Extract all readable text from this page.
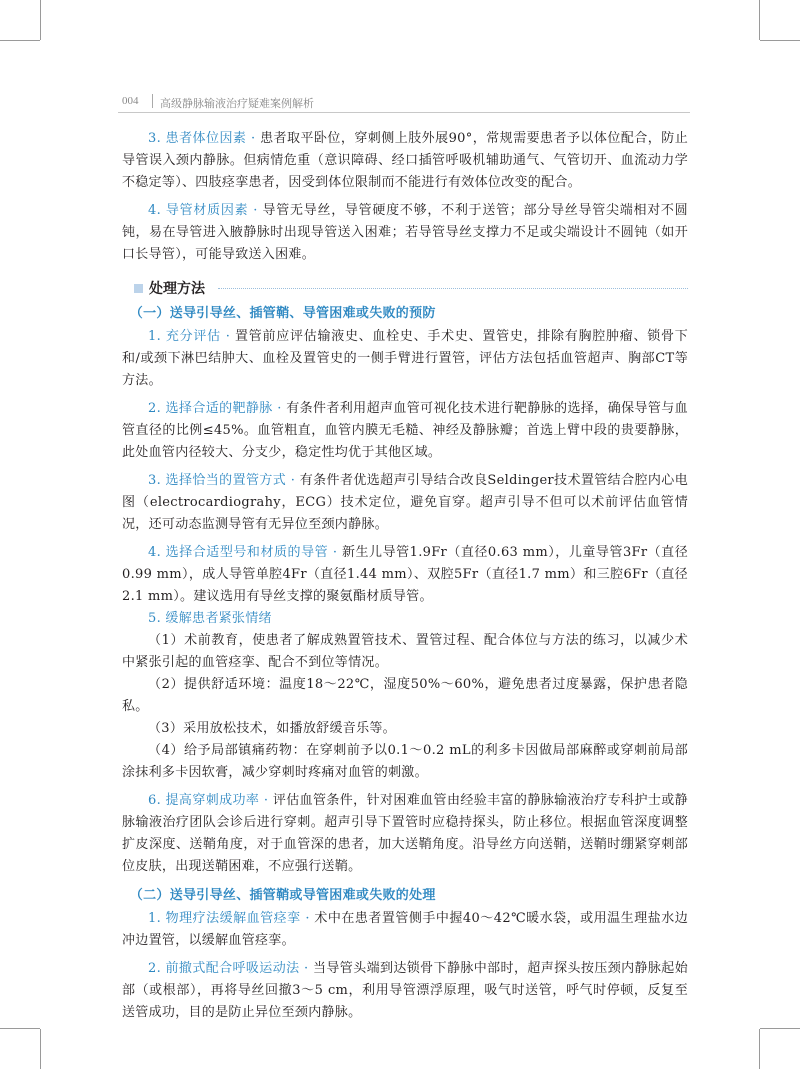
004 高级静脉输液治疗疑难案例解析

3. 患者体位因素 · 患者取平卧位，穿刺侧上肢外展90°，常规需要患者予以体位配合，防止导管误入颈内静脉。但病情危重（意识障碍、经口插管呼吸机辅助通气、气管切开、血流动力学不稳定等）、四肢痉挛患者，因受到体位限制而不能进行有效体位改变的配合。

4. 导管材质因素 · 导管无导丝，导管硬度不够，不利于送管；部分导丝导管尖端相对不圆钝，易在导管进入腋静脉时出现导管送入困难；若导管导丝支撑力不足或尖端设计不圆钝（如开口长导管），可能导致送入困难。

处理方法
（一）送导引导丝、插管鞘、导管困难或失败的预防

1. 充分评估 · 置管前应评估输液史、血栓史、手术史、置管史，排除有胸腔肿瘤、锁骨下和/或颈下淋巴结肿大、血栓及置管史的一侧手臂进行置管，评估方法包括血管超声、胸部CT等方法。

2. 选择合适的靶静脉 · 有条件者利用超声血管可视化技术进行靶静脉的选择，确保导管与血管直径的比例≤45%。血管粗直，血管内膜无毛糙、神经及静脉瓣；首选上臂中段的贵要静脉，此处血管内径较大、分支少，稳定性均优于其他区域。

3. 选择恰当的置管方式 · 有条件者优选超声引导结合改良Seldinger技术置管结合腔内心电图（electrocardiograhy，ECG）技术定位，避免盲穿。超声引导不但可以术前评估血管情况，还可动态监测导管有无异位至颈内静脉。

4. 选择合适型号和材质的导管 · 新生儿导管1.9Fr（直径0.63 mm），儿童导管3Fr（直径0.99 mm），成人导管单腔4Fr（直径1.44 mm）、双腔5Fr（直径1.7 mm）和三腔6Fr（直径2.1 mm）。建议选用有导丝支撑的聚氨酯材质导管。

5. 缓解患者紧张情绪

（1）术前教育，使患者了解成熟置管技术、置管过程、配合体位与方法的练习，以减少术中紧张引起的血管痉挛、配合不到位等情况。

（2）提供舒适环境：温度18～22℃，湿度50%～60%，避免患者过度暴露，保护患者隐私。

（3）采用放松技术，如播放舒缓音乐等。

（4）给予局部镇痛药物：在穿刺前予以0.1～0.2 mL的利多卡因做局部麻醉或穿刺前局部涂抹利多卡因软膏，减少穿刺时疼痛对血管的刺激。

6. 提高穿刺成功率 · 评估血管条件，针对困难血管由经验丰富的静脉输液治疗专科护士或静脉输液治疗团队会诊后进行穿刺。超声引导下置管时应稳持探头，防止移位。根据血管深度调整扩皮深度、送鞘角度，对于血管深的患者，加大送鞘角度。沿导丝方向送鞘，送鞘时绷紧穿刺部位皮肤，出现送鞘困难，不应强行送鞘。

（二）送导引导丝、插管鞘或导管困难或失败的处理

1. 物理疗法缓解血管痉挛 · 术中在患者置管侧手中握40～42℃暖水袋，或用温生理盐水边冲边置管，以缓解血管痉挛。

2. 前撤式配合呼吸运动法 · 当导管头端到达锁骨下静脉中部时，超声探头按压颈内静脉起始部（或根部），再将导丝回撤3～5 cm，利用导管漂浮原理，吸气时送管，呼气时停顿，反复至送管成功，目的是防止异位至颈内静脉。
